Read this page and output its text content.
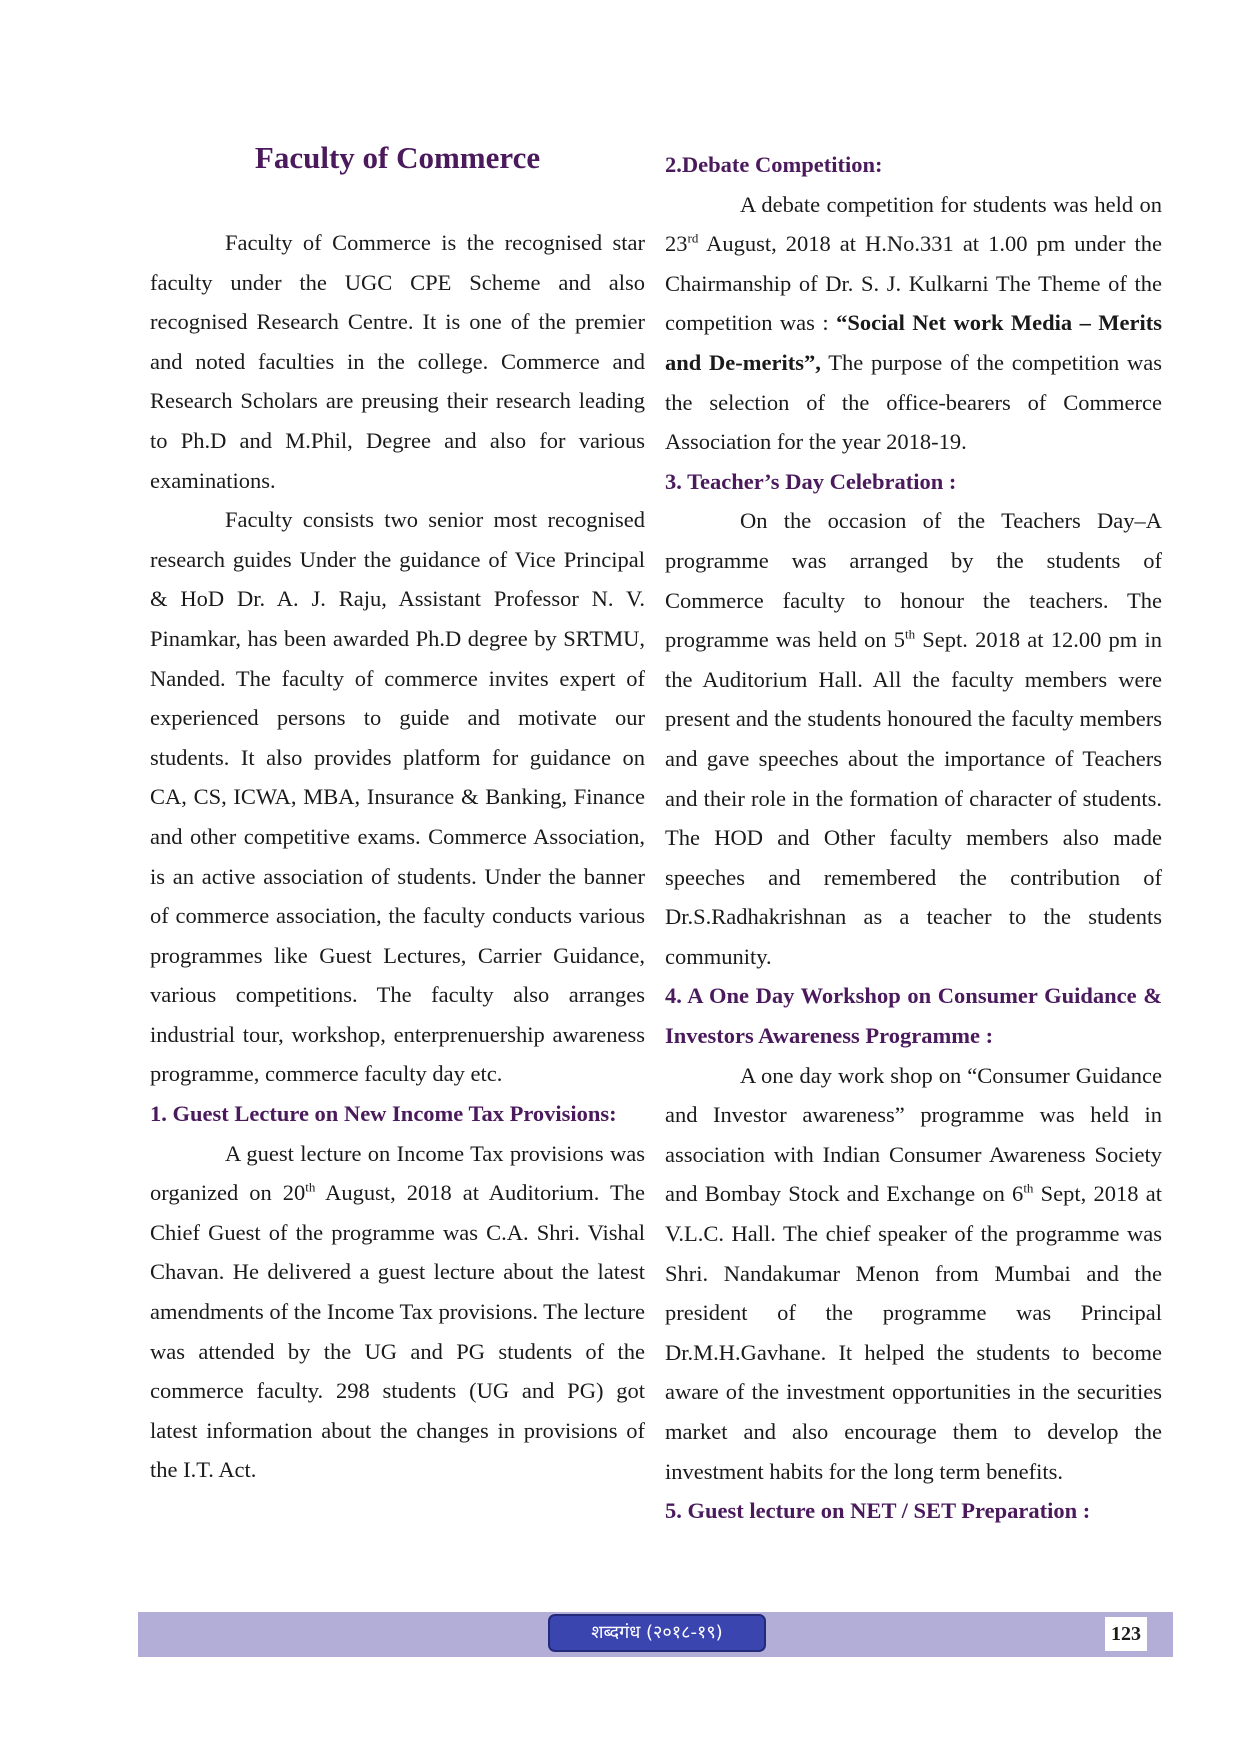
Faculty of Commerce

Faculty of Commerce is the recognised star faculty under the UGC CPE Scheme and also recognised Research Centre. It is one of the premier and noted faculties in the college. Commerce and Research Scholars are preusing their research leading to Ph.D and M.Phil, Degree and also for various examinations.

Faculty consists two senior most recognised research guides Under the guidance of Vice Principal & HoD Dr. A. J. Raju, Assistant Professor N. V. Pinamkar, has been awarded Ph.D degree by SRTMU, Nanded. The faculty of commerce invites expert of experienced persons to guide and motivate our students. It also provides platform for guidance on CA, CS, ICWA, MBA, Insurance & Banking, Finance and other competitive exams. Commerce Association, is an active association of students. Under the banner of commerce association, the faculty conducts various programmes like Guest Lectures, Carrier Guidance, various competitions. The faculty also arranges industrial tour, workshop, enterprenuership awareness programme, commerce faculty day etc.

1. Guest Lecture on New Income Tax Provisions:

A guest lecture on Income Tax provisions was organized on 20th August, 2018 at Auditorium. The Chief Guest of the programme was C.A. Shri. Vishal Chavan. He delivered a guest lecture about the latest amendments of the Income Tax provisions. The lecture was attended by the UG and PG students of the commerce faculty. 298 students (UG and PG) got latest information about the changes in provisions of the I.T. Act.

2.Debate Competition:

A debate competition for students was held on 23rd August, 2018 at H.No.331 at 1.00 pm under the Chairmanship of Dr. S. J. Kulkarni The Theme of the competition was : “Social Net work Media – Merits and De-merits”, The purpose of the competition was the selection of the office-bearers of Commerce Association for the year 2018-19.

3. Teacher’s Day Celebration :

On the occasion of the Teachers Day–A programme was arranged by the students of Commerce faculty to honour the teachers. The programme was held on 5th Sept. 2018 at 12.00 pm in the Auditorium Hall. All the faculty members were present and the students honoured the faculty members and gave speeches about the importance of Teachers and their role in the formation of character of students. The HOD and Other faculty members also made speeches and remembered the contribution of Dr.S.Radhakrishnan as a teacher to the students community.

4. A One Day Workshop on Consumer Guidance & Investors Awareness Programme :

A one day work shop on “Consumer Guidance and Investor awareness” programme was held in association with Indian Consumer Awareness Society and Bombay Stock and Exchange on 6th Sept, 2018 at V.L.C. Hall. The chief speaker of the programme was Shri. Nandakumar Menon from Mumbai and the president of the programme was Principal Dr.M.H.Gavhane. It helped the students to become aware of the investment opportunities in the securities market and also encourage them to develop the investment habits for the long term benefits.

5. Guest lecture on NET / SET Preparation :

शब्दगंध (२०१८-१९)	123
